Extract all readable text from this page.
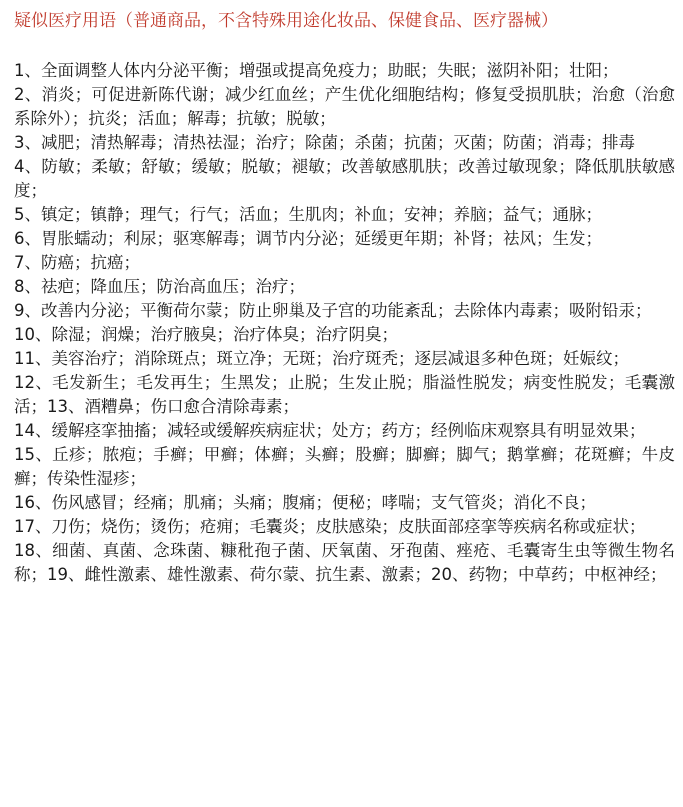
疑似医疗用语（普通商品，不含特殊用途化妆品、保健食品、医疗器械）

1、全面调整人体内分泌平衡；增强或提高免疫力；助眠；失眠；滋阴补阳；壮阳；

2、消炎；可促进新陈代谢；减少红血丝；产生优化细胞结构；修复受损肌肤；治愈（治愈系除外）；抗炎；活血；解毒；抗敏；脱敏；

3、减肥；清热解毒；清热祛湿；治疗；除菌；杀菌；抗菌；灭菌；防菌；消毒；排毒

4、防敏；柔敏；舒敏；缓敏；脱敏；褪敏；改善敏感肌肤；改善过敏现象；降低肌肤敏感度；

5、镇定；镇静；理气；行气；活血；生肌肉；补血；安神；养脑；益气；通脉；

6、胃胀蠕动；利尿；驱寒解毒；调节内分泌；延缓更年期；补肾；祛风；生发；

7、防癌；抗癌；

8、祛疤；降血压；防治高血压；治疗；

9、改善内分泌；平衡荷尔蒙；防止卵巢及子宫的功能紊乱；去除体内毒素；吸附铅汞；

10、除湿；润燥；治疗腋臭；治疗体臭；治疗阴臭；

11、美容治疗；消除斑点；斑立净；无斑；治疗斑秃；逐层减退多种色斑；妊娠纹；

12、毛发新生；毛发再生；生黑发；止脱；生发止脱；脂溢性脱发；病变性脱发；毛囊激活；13、酒糟鼻；伤口愈合清除毒素；

14、缓解痉挛抽搐；减轻或缓解疾病症状；处方；药方；经例临床观察具有明显效果；

15、丘疹；脓疱；手癣；甲癣；体癣；头癣；股癣；脚癣；脚气；鹅掌癣；花斑癣；牛皮癣；传染性湿疹；

16、伤风感冒；经痛；肌痛；头痛；腹痛；便秘；哮喘；支气管炎；消化不良；

17、刀伤；烧伤；烫伤；疮痈；毛囊炎；皮肤感染；皮肤面部痉挛等疾病名称或症状；

18、细菌、真菌、念珠菌、糠秕孢子菌、厌氧菌、牙孢菌、痤疮、毛囊寄生虫等微生物名称；19、雌性激素、雄性激素、荷尔蒙、抗生素、激素；20、药物；中草药；中枢神经；
